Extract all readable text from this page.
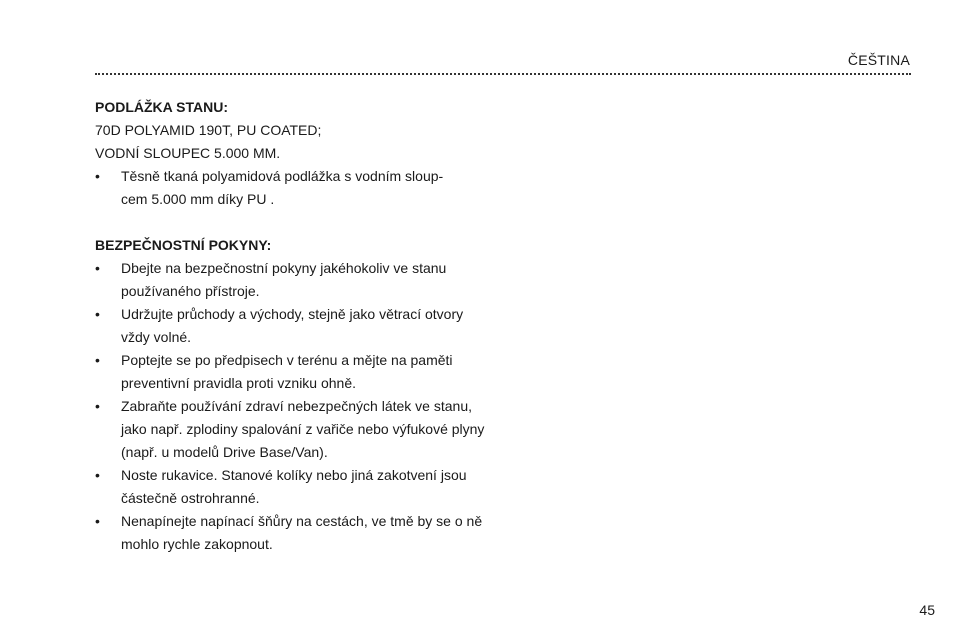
ČEŠTINA

PODLÁŽKA STANU:

70D POLYAMID 190T, PU COATED;

VODNÍ SLOUPEC 5.000 MM.

• Těsně tkaná polyamidová podlážka s vodním sloup-
cem 5.000 mm díky PU .

BEZPEČNOSTNÍ POKYNY:

• Dbejte na bezpečnostní pokyny jakéhokoliv ve stanu používaného přístroje.
• Udržujte průchody a východy, stejně jako větrací otvory vždy volné.
• Poptejte se po předpisech v terénu a mějte na paměti preventivní pravidla proti vzniku ohně.
• Zabraňte používání zdraví nebezpečných látek ve stanu, jako např. zplodiny spalování z vařiče nebo výfukové plyny (např. u modelů Drive Base/Van).
• Noste rukavice. Stanové kolíky nebo jiná zakotvení jsou částečně ostrohranné.
• Nenapínejte napínací šňůry na cestách, ve tmě by se o ně mohlo rychle zakopnout.
45
